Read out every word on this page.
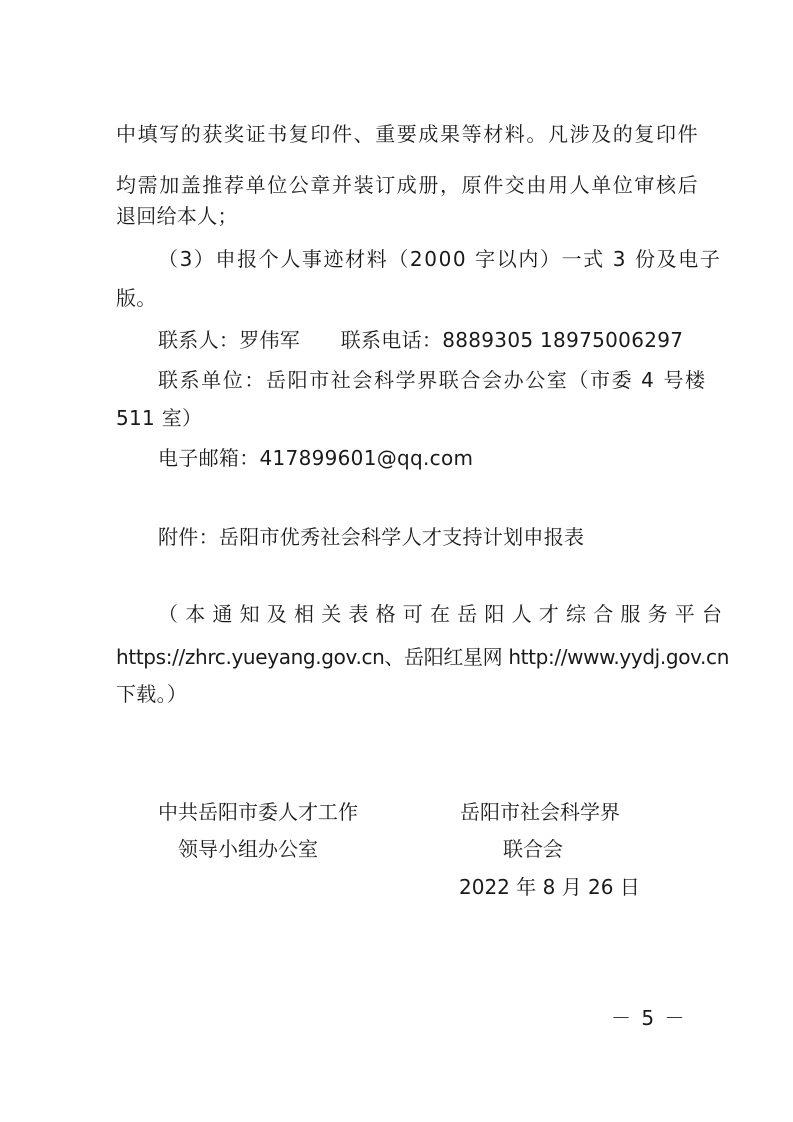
中填写的获奖证书复印件、重要成果等材料。凡涉及的复印件
均需加盖推荐单位公章并装订成册，原件交由用人单位审核后
退回给本人；
（3）申报个人事迹材料（2000 字以内）一式 3 份及电子
版。
联系人：罗伟军　　联系电话：8889305 18975006297
联系单位：岳阳市社会科学界联合会办公室（市委 4 号楼
511 室）
电子邮箱：417899601@qq.com
附件：岳阳市优秀社会科学人才支持计划申报表
（本通知及相关表格可在岳阳人才综合服务平台
https://zhrc.yueyang.gov.cn、岳阳红星网 http://www.yydj.gov.cn
下载。）
中共岳阳市委人才工作
领导小组办公室
岳阳市社会科学界
联合会
2022 年 8 月 26 日
－ 5 －
